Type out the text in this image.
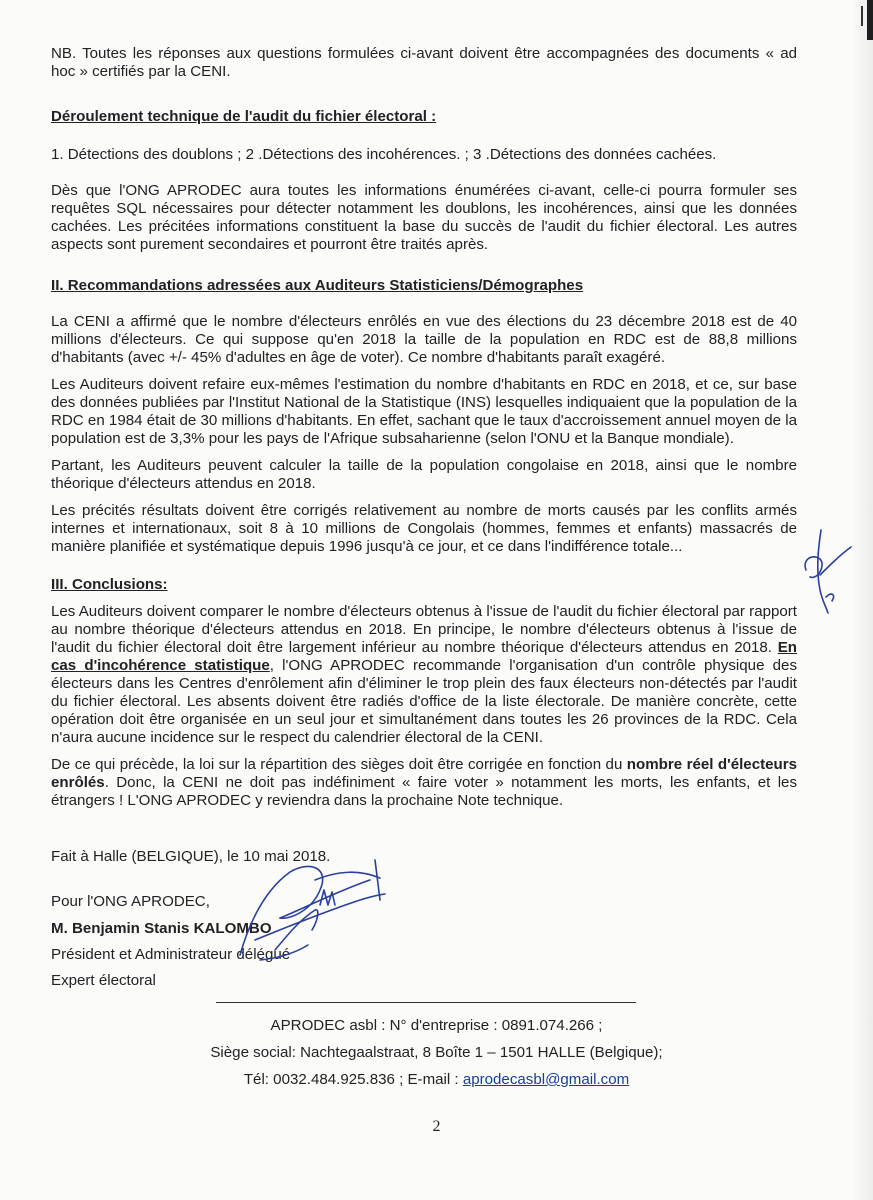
NB. Toutes les réponses aux questions formulées ci-avant doivent être accompagnées des documents « ad hoc » certifiés par la CENI.

Déroulement technique de l'audit du fichier électoral :

1. Détections des doublons ; 2 .Détections des incohérences. ; 3 .Détections des données cachées.

Dès que l'ONG APRODEC aura toutes les informations énumérées ci-avant, celle-ci pourra formuler ses requêtes SQL nécessaires pour détecter notamment les doublons, les incohérences, ainsi que les données cachées. Les précitées informations constituent la base du succès de l'audit du fichier électoral. Les autres aspects sont purement secondaires et pourront être traités après.

II. Recommandations adressées aux Auditeurs Statisticiens/Démographes

La CENI a affirmé que le nombre d'électeurs enrôlés en vue des élections du 23 décembre 2018 est de 40 millions d'électeurs. Ce qui suppose qu'en 2018 la taille de la population en RDC est de 88,8 millions d'habitants (avec +/- 45% d'adultes en âge de voter). Ce nombre d'habitants paraît exagéré.

Les Auditeurs doivent refaire eux-mêmes l'estimation du nombre d'habitants en RDC en 2018, et ce, sur base des données publiées par l'Institut National de la Statistique (INS) lesquelles indiquaient que la population de la RDC en 1984 était de 30 millions d'habitants. En effet, sachant que le taux d'accroissement annuel moyen de la population est de 3,3% pour les pays de l'Afrique subsaharienne (selon l'ONU et la Banque mondiale).

Partant, les Auditeurs peuvent calculer la taille de la population congolaise en 2018, ainsi que le nombre théorique d'électeurs attendus en 2018.

Les précités résultats doivent être corrigés relativement au nombre de morts causés par les conflits armés internes et internationaux, soit 8 à 10 millions de Congolais (hommes, femmes et enfants) massacrés de manière planifiée et systématique depuis 1996 jusqu'à ce jour, et ce dans l'indifférence totale...

III. Conclusions:

Les Auditeurs doivent comparer le nombre d'électeurs obtenus à l'issue de l'audit du fichier électoral par rapport au nombre théorique d'électeurs attendus en 2018. En principe, le nombre d'électeurs obtenus à l'issue de l'audit du fichier électoral doit être largement inférieur au nombre théorique d'électeurs attendus en 2018. En cas d'incohérence statistique, l'ONG APRODEC recommande l'organisation d'un contrôle physique des électeurs dans les Centres d'enrôlement afin d'éliminer le trop plein des faux électeurs non-détectés par l'audit du fichier électoral. Les absents doivent être radiés d'office de la liste électorale. De manière concrète, cette opération doit être organisée en un seul jour et simultanément dans toutes les 26 provinces de la RDC. Cela n'aura aucune incidence sur le respect du calendrier électoral de la CENI.

De ce qui précède, la loi sur la répartition des sièges doit être corrigée en fonction du nombre réel d'électeurs enrôlés. Donc, la CENI ne doit pas indéfiniment « faire voter » notamment les morts, les enfants, et les étrangers ! L'ONG APRODEC y reviendra dans la prochaine Note technique.

Fait à Halle (BELGIQUE), le 10 mai 2018.
Pour l'ONG APRODEC,
M. Benjamin Stanis KALOMBO
Président et Administrateur délégué
Expert électoral
APRODEC asbl : N° d'entreprise : 0891.074.266 ;
Siège social: Nachtegaalstraat, 8 Boîte 1 – 1501 HALLE (Belgique);
Tél: 0032.484.925.836 ; E-mail : aprodecasbl@gmail.com
2
